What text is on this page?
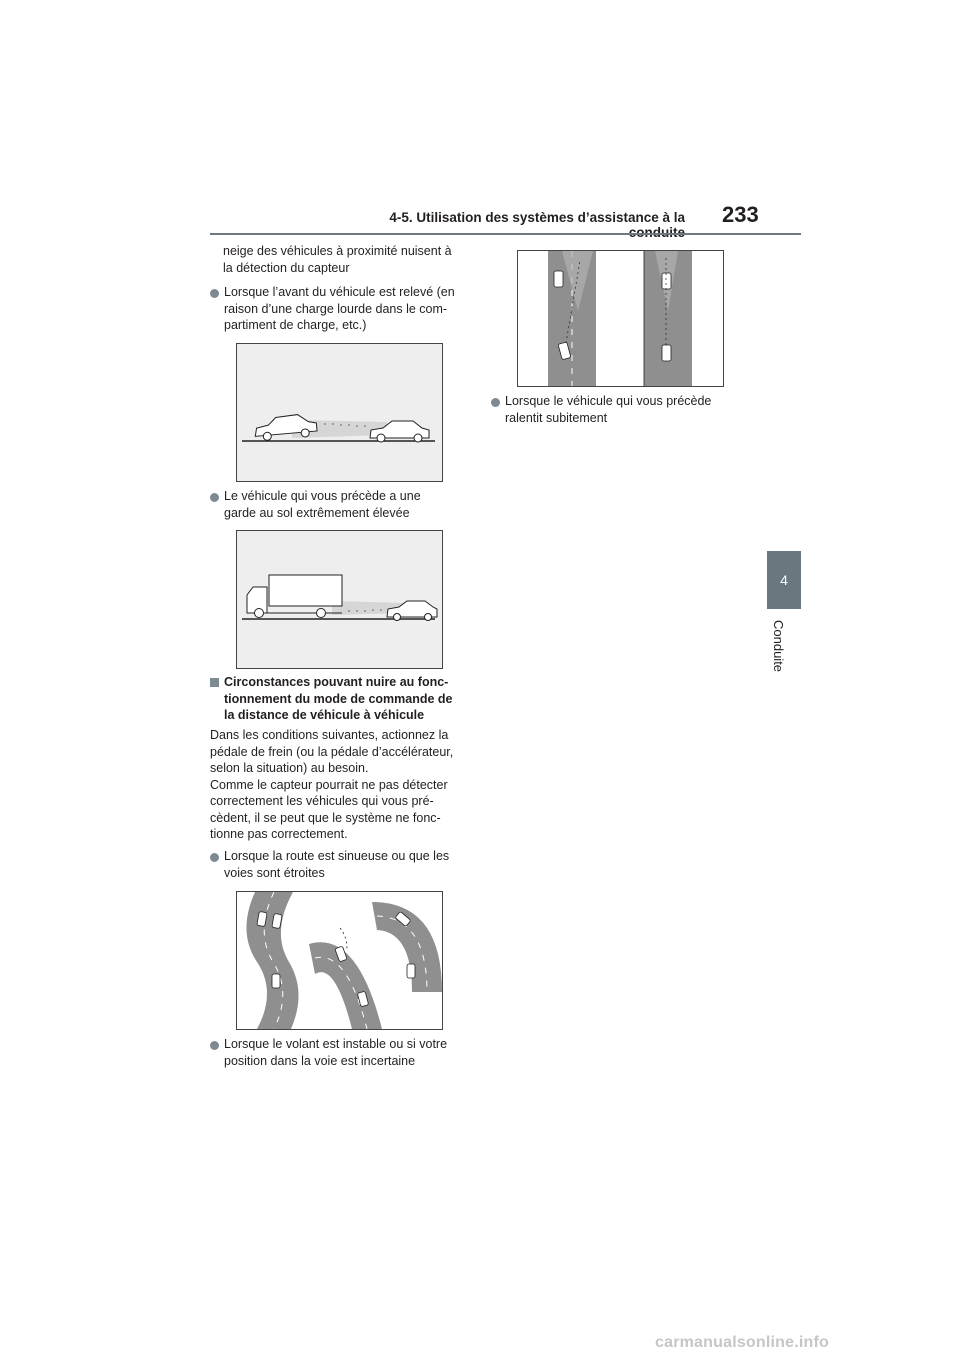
4-5. Utilisation des systèmes d’assistance à la 233
4
Conduite
neige des véhicules à proximité nuisent à
la détection du capteur
Lorsque l’avant du véhicule est relevé (en
raison d’une charge lourde dans le com-
partiment de charge, etc.)
Le véhicule qui vous précède a une
garde au sol extrêmement élevée
Circonstances pouvant nuire au fonc-
tionnement du mode de commande de
la distance de véhicule à véhicule
Dans les conditions suivantes, actionnez la
pédale de frein (ou la pédale d’accélérateur,
selon la situation) au besoin.
Comme le capteur pourrait ne pas détecter
correctement les véhicules qui vous pré-
cèdent, il se peut que le système ne fonc-
tionne pas correctement.
Lorsque la route est sinueuse ou que les
voies sont étroites
Lorsque le volant est instable ou si votre
position dans la voie est incertaine
Lorsque le véhicule qui vous précède
ralentit subitement
carmanualsonline.info
